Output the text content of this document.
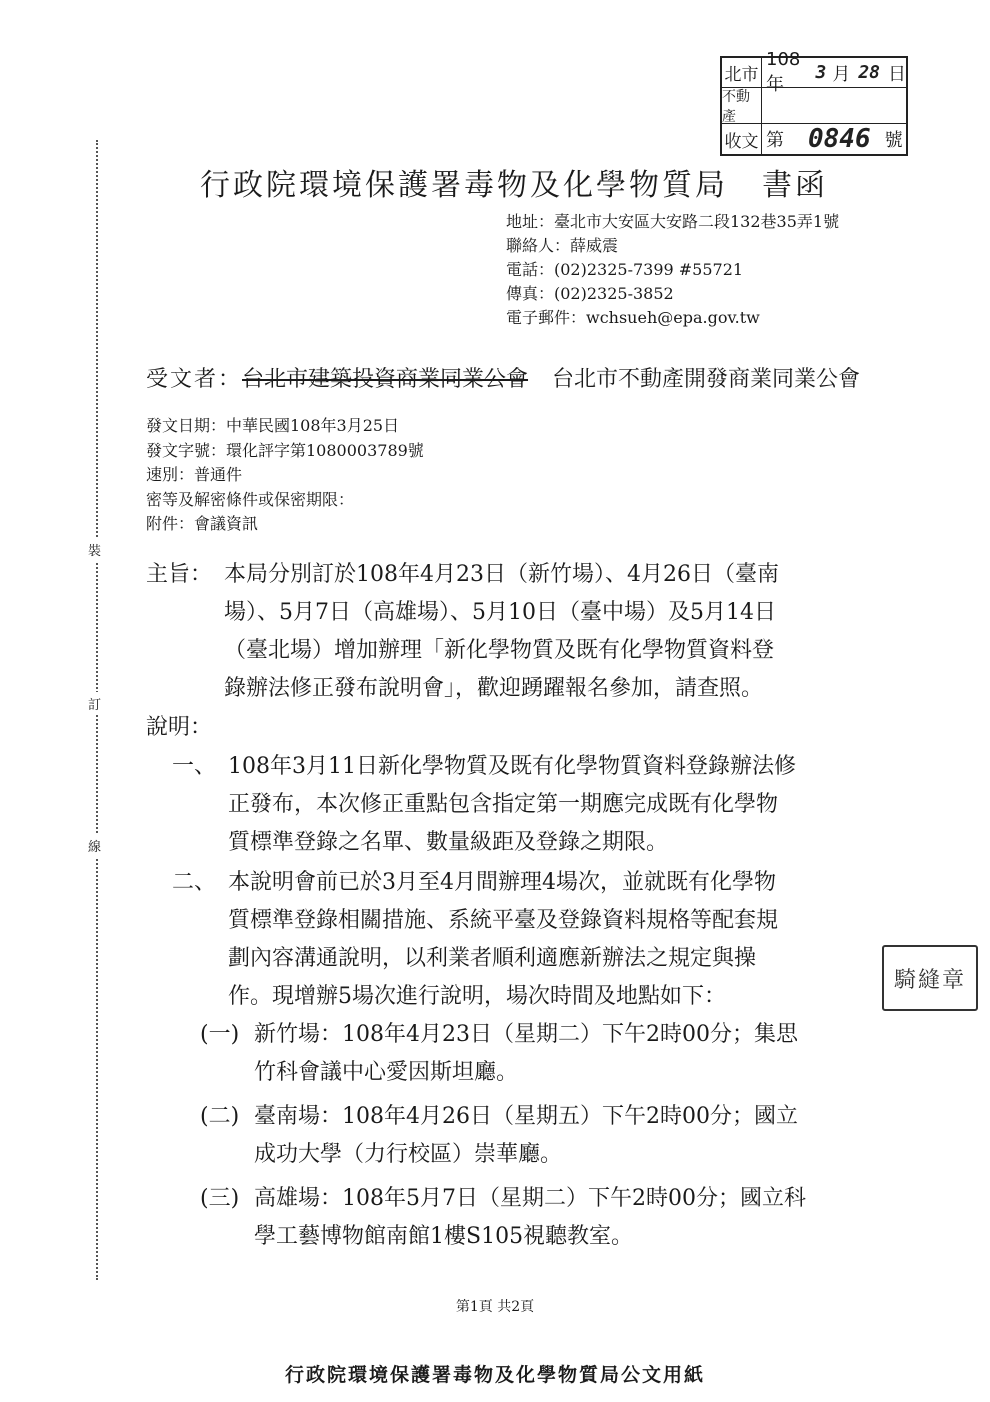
北市
108年
3 月 28 日
不動產
收文 第 0846 號
行政院環境保護署毒物及化學物質局 書函
地址：臺北市大安區大安路二段132巷35弄1號
聯絡人：薛威震
電話：(02)2325-7399 #55721
傳真：(02)2325-3852
電子郵件：wchsueh@epa.gov.tw
受文者：台北市建築投資商業同業公會 台北市不動產開發商業同業公會
發文日期：中華民國108年3月25日
發文字號：環化評字第1080003789號
速別：普通件
密等及解密條件或保密期限：
附件：會議資訊
裝
訂
線
主旨： 本局分別訂於108年4月23日（新竹場）、4月26日（臺南
場）、5月7日（高雄場）、5月10日（臺中場）及5月14日
（臺北場）增加辦理「新化學物質及既有化學物質資料登
錄辦法修正發布說明會」，歡迎踴躍報名參加，請查照。
說明：
一、 108年3月11日新化學物質及既有化學物質資料登錄辦法修
正發布，本次修正重點包含指定第一期應完成既有化學物
質標準登錄之名單、數量級距及登錄之期限。
二、 本說明會前已於3月至4月間辦理4場次，並就既有化學物
質標準登錄相關措施、系統平臺及登錄資料規格等配套規
劃內容溝通說明，以利業者順利適應新辦法之規定與操
作。現增辦5場次進行說明，場次時間及地點如下：
(一) 新竹場：108年4月23日（星期二）下午2時00分；集思
竹科會議中心愛因斯坦廳。
(二) 臺南場：108年4月26日（星期五）下午2時00分；國立
成功大學（力行校區）崇華廳。
(三) 高雄場：108年5月7日（星期二）下午2時00分；國立科
學工藝博物館南館1樓S105視聽教室。
騎縫章
第1頁 共2頁
行政院環境保護署毒物及化學物質局公文用紙
